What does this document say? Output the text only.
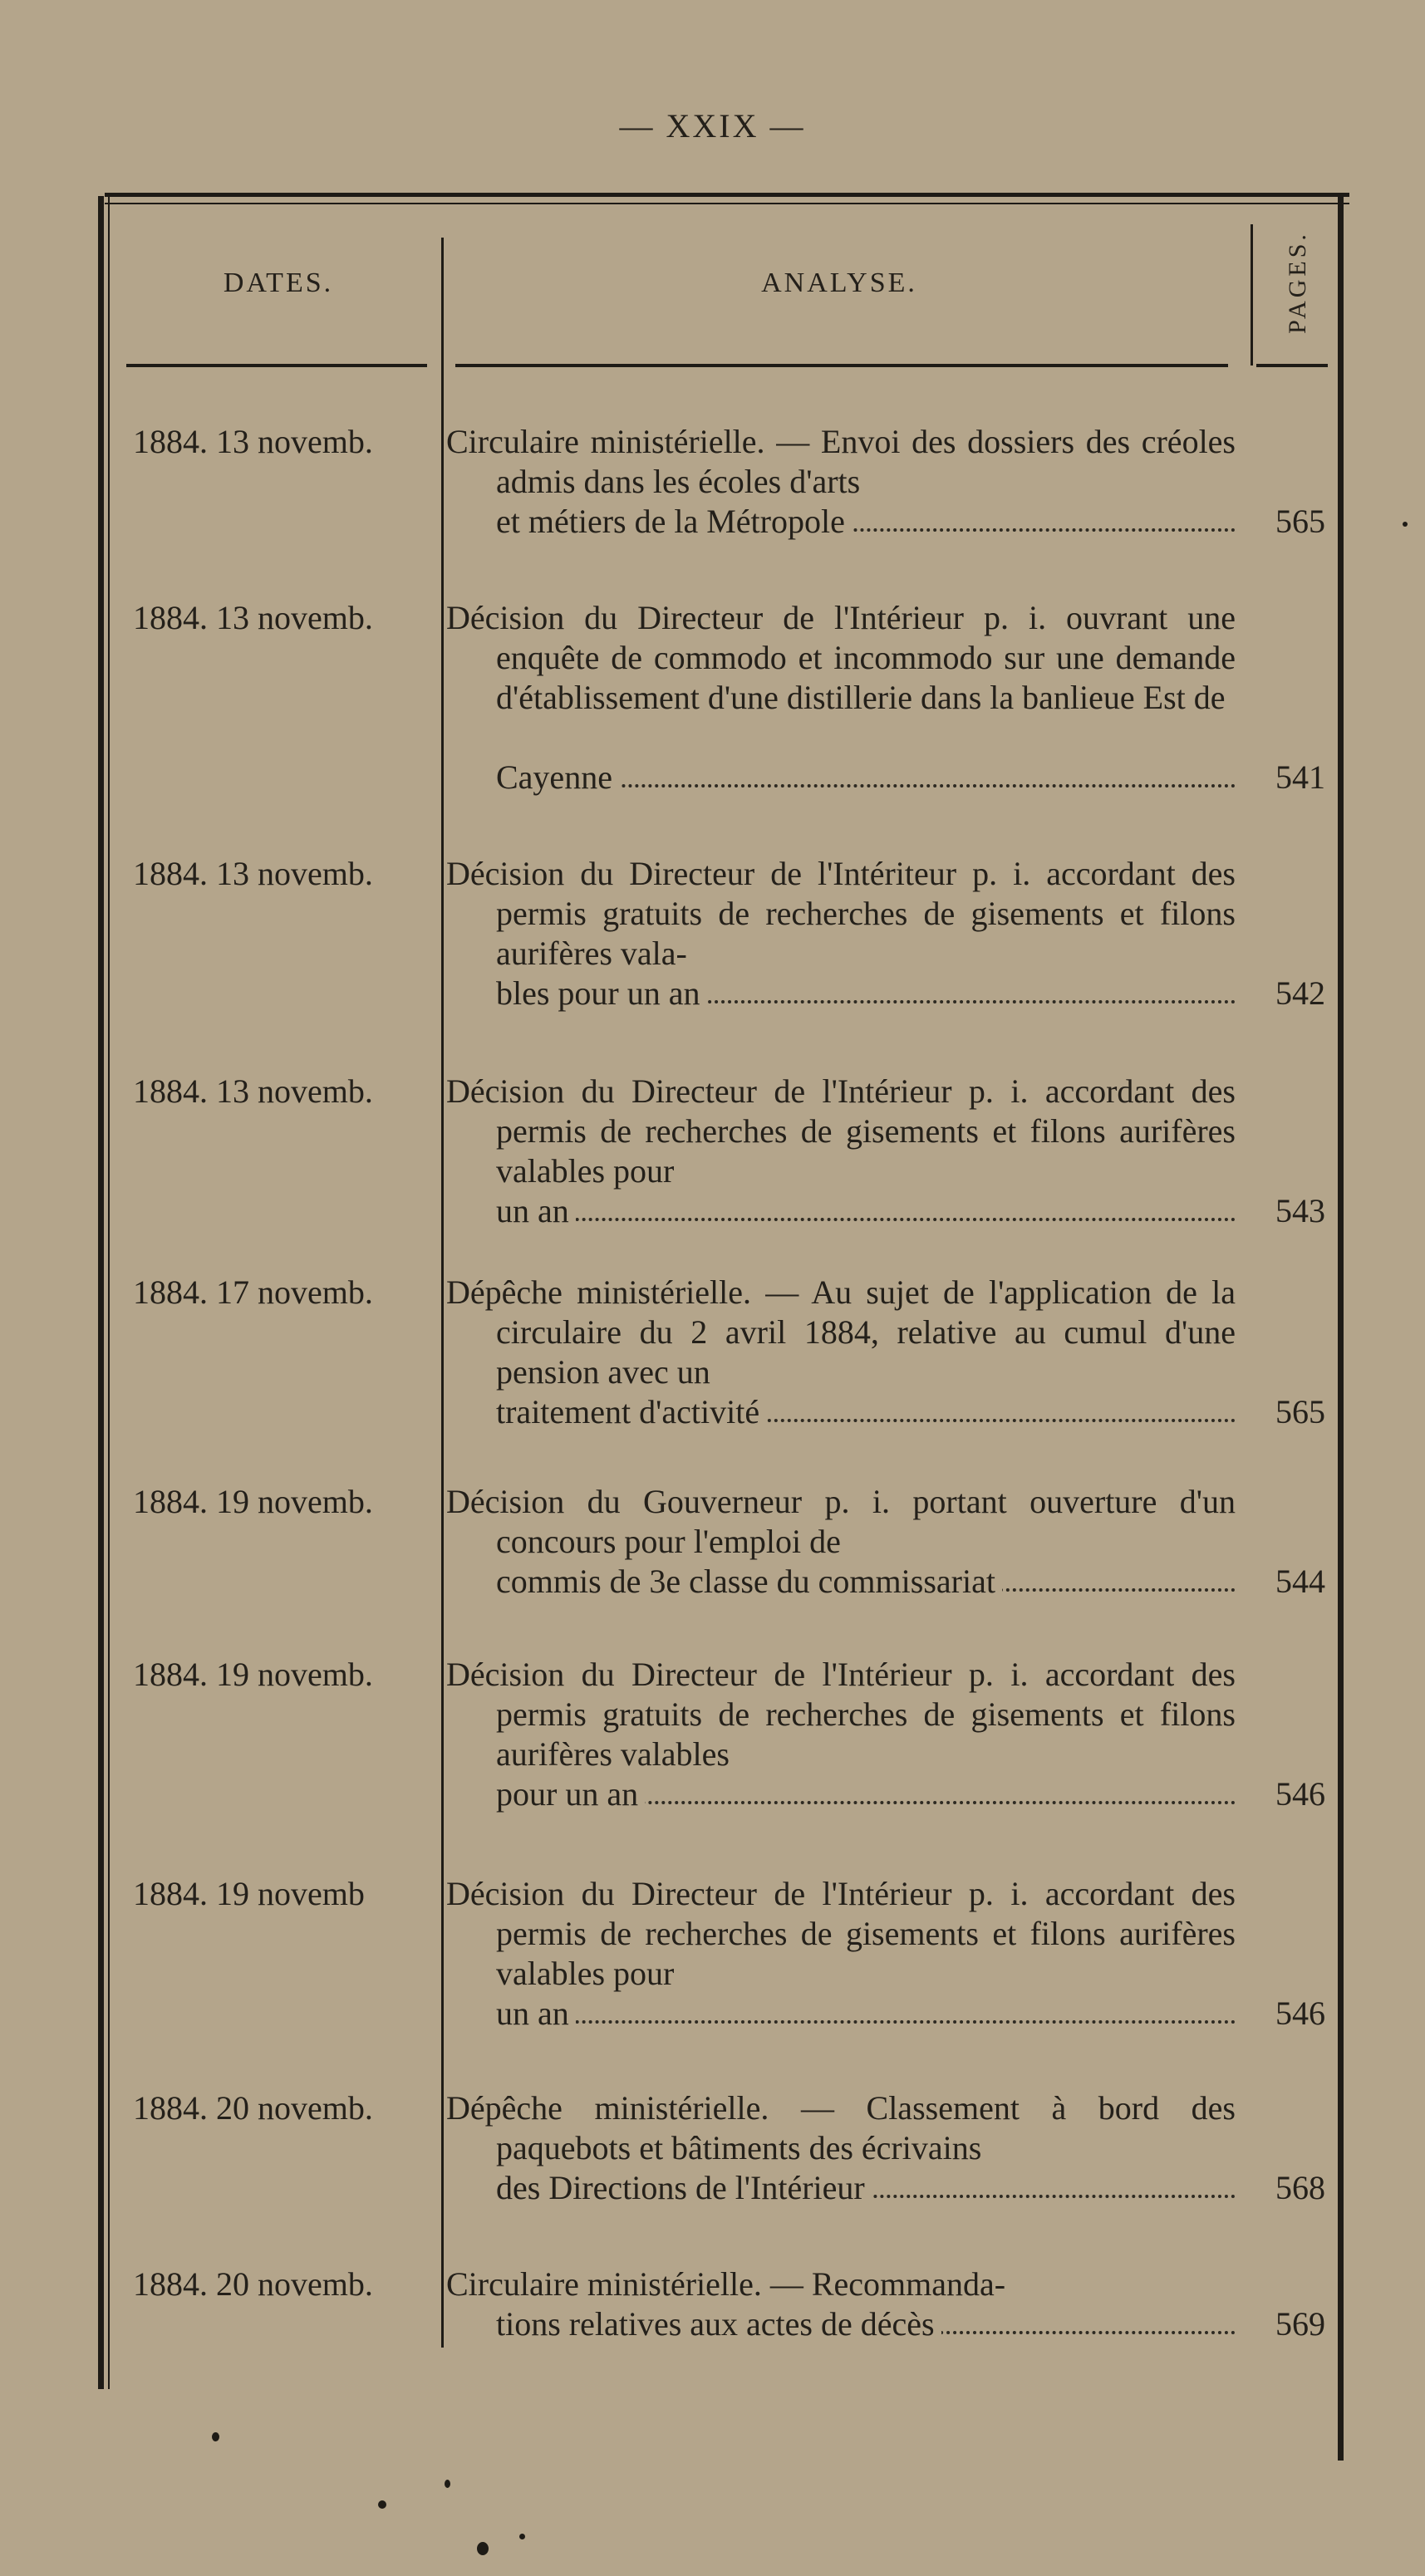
— XXIX —
DATES.	ANALYSE.	PAGES.
1884. 13 novemb.	Circulaire ministérielle. — Envoi des dossiers des créoles admis dans les écoles d'arts
et métiers de la Métropole	565
1884. 13 novemb.	Décision du Directeur de l'Intérieur p. i. ouvrant une enquête de commodo et incommodo sur une demande d'établissement d'une distillerie dans la banlieue Est de
Cayenne	541
1884. 13 novemb.	Décision du Directeur de l'Intériteur p. i. accordant des permis gratuits de recherches de gisements et filons aurifères vala-
bles pour un an	542
1884. 13 novemb.	Décision du Directeur de l'Intérieur p. i. accordant des permis de recherches de gisements et filons aurifères valables pour
un an	543
1884. 17 novemb.	Dépêche ministérielle. — Au sujet de l'application de la circulaire du 2 avril 1884, relative au cumul d'une pension avec un
traitement d'activité	565
1884. 19 novemb.	Décision du Gouverneur p. i. portant ouverture d'un concours pour l'emploi de
commis de 3e classe du commissariat	544
1884. 19 novemb.	Décision du Directeur de l'Intérieur p. i. accordant des permis gratuits de recherches de gisements et filons aurifères valables
pour un an	546
1884. 19 novemb	Décision du Directeur de l'Intérieur p. i. accordant des permis de recherches de gisements et filons aurifères valables pour
un an	546
1884. 20 novemb.	Dépêche ministérielle. — Classement à bord des paquebots et bâtiments des écrivains
des Directions de l'Intérieur	568
1884. 20 novemb.	Circulaire ministérielle. — Recommanda-
tions relatives aux actes de décès	569
